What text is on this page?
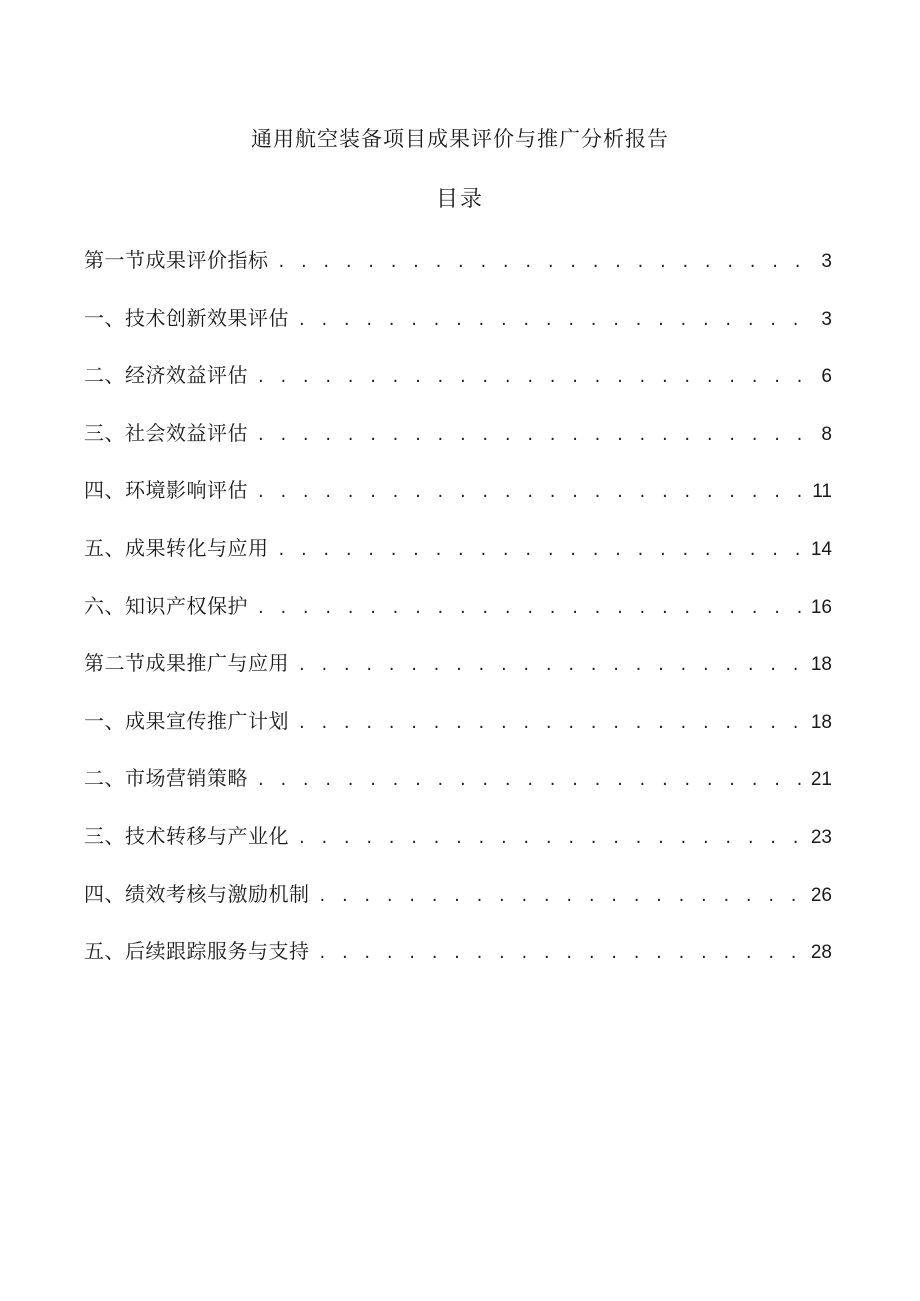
通用航空装备项目成果评价与推广分析报告
目录
第一节成果评价指标 . . .	3
一、技术创新效果评估 . . .	3
二、经济效益评估 . . .	6
三、社会效益评估 . . .	8
四、环境影响评估 . . .	11
五、成果转化与应用 . . .	14
六、知识产权保护 . . .	16
第二节成果推广与应用 . . .	18
一、成果宣传推广计划 . . .	18
二、市场营销策略 . . .	21
三、技术转移与产业化 . . .	23
四、绩效考核与激励机制 . . .	26
五、后续跟踪服务与支持 . . .	28
